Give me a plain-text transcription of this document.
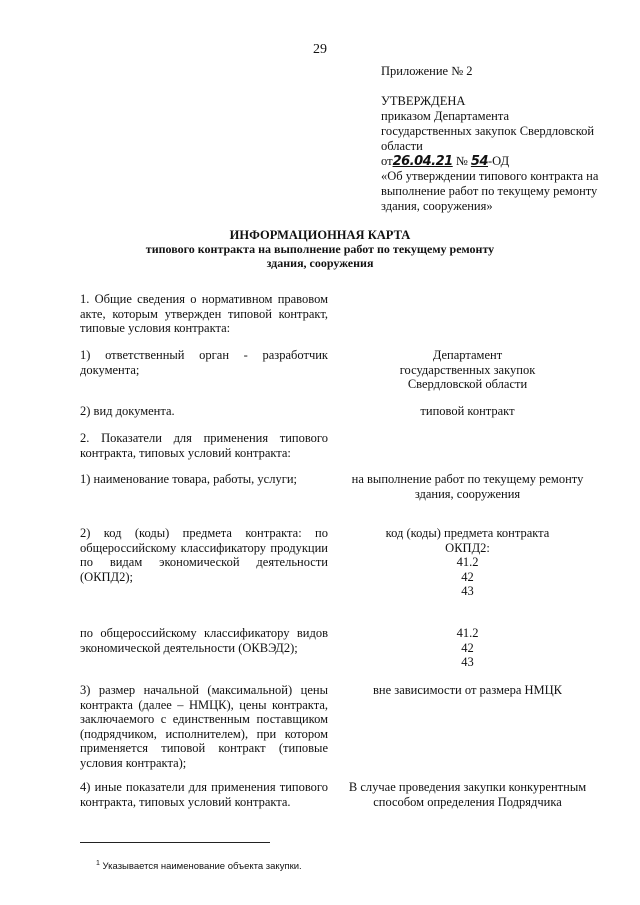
29
Приложение № 2
УТВЕРЖДЕНА
приказом Департамента
государственных закупок Свердловской
области
от26.04.21 № 54-ОД
«Об утверждении типового контракта на
выполнение работ по текущему ремонту
здания, сооружения»
ИНФОРМАЦИОННАЯ КАРТА
типового контракта на выполнение работ по текущему ремонту
здания, сооружения
1. Общие сведения о нормативном правовом акте, которым утвержден типовой контракт, типовые условия контракта:
1) ответственный орган - разработчик документа;
Департамент
государственных закупок
Свердловской области
2) вид документа.	типовой контракт
2. Показатели для применения типового контракта, типовых условий контракта:
1) наименование товара, работы, услуги;	на выполнение работ по текущему ремонту
здания, сооружения
2) код (коды) предмета контракта: по общероссийскому классификатору продукции по видам экономической деятельности (ОКПД2);
код (коды) предмета контракта
ОКПД2:
41.2
42
43
по общероссийскому классификатору видов экономической деятельности (ОКВЭД2);
41.2
42
43
3) размер начальной (максимальной) цены контракта (далее – НМЦК), цены контракта, заключаемого с единственным поставщиком (подрядчиком, исполнителем), при котором применяется типовой контракт (типовые условия контракта);
вне зависимости от размера НМЦК
4) иные показатели для применения типового контракта, типовых условий контракта.
В случае проведения закупки конкурентным
способом определения Подрядчика
$^1$ Указывается наименование объекта закупки.
